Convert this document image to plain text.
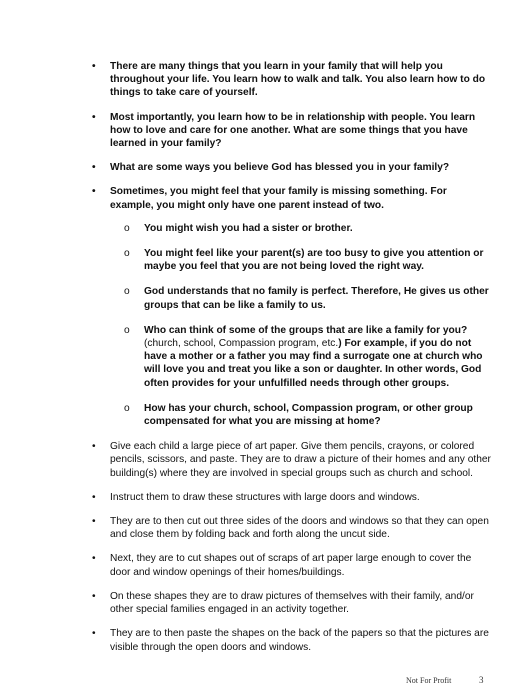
•	There are many things that you learn in your family that will help you throughout your life. You learn how to walk and talk. You also learn how to do things to take care of yourself.
•	Most importantly, you learn how to be in relationship with people. You learn how to love and care for one another. What are some things that you have learned in your family?
•	What are some ways you believe God has blessed you in your family?
•	Sometimes, you might feel that your family is missing something. For example, you might only have one parent instead of two.
o You might wish you had a sister or brother.
o You might feel like your parent(s) are too busy to give you attention or maybe you feel that you are not being loved the right way.
o God understands that no family is perfect. Therefore, He gives us other groups that can be like a family to us.
o Who can think of some of the groups that are like a family for you? (church, school, Compassion program, etc.) For example, if you do not have a mother or a father you may find a surrogate one at church who will love you and treat you like a son or daughter. In other words, God often provides for your unfulfilled needs through other groups.
o How has your church, school, Compassion program, or other group compensated for what you are missing at home?
•	Give each child a large piece of art paper. Give them pencils, crayons, or colored pencils, scissors, and paste. They are to draw a picture of their homes and any other building(s) where they are involved in special groups such as church and school.
•	Instruct them to draw these structures with large doors and windows.
•	They are to then cut out three sides of the doors and windows so that they can open and close them by folding back and forth along the uncut side.
•	Next, they are to cut shapes out of scraps of art paper large enough to cover the door and window openings of their homes/buildings.
•	On these shapes they are to draw pictures of themselves with their family, and/or other special families engaged in an activity together.
•	They are to then paste the shapes on the back of the papers so that the pictures are visible through the open doors and windows.
Not For Profit	3
